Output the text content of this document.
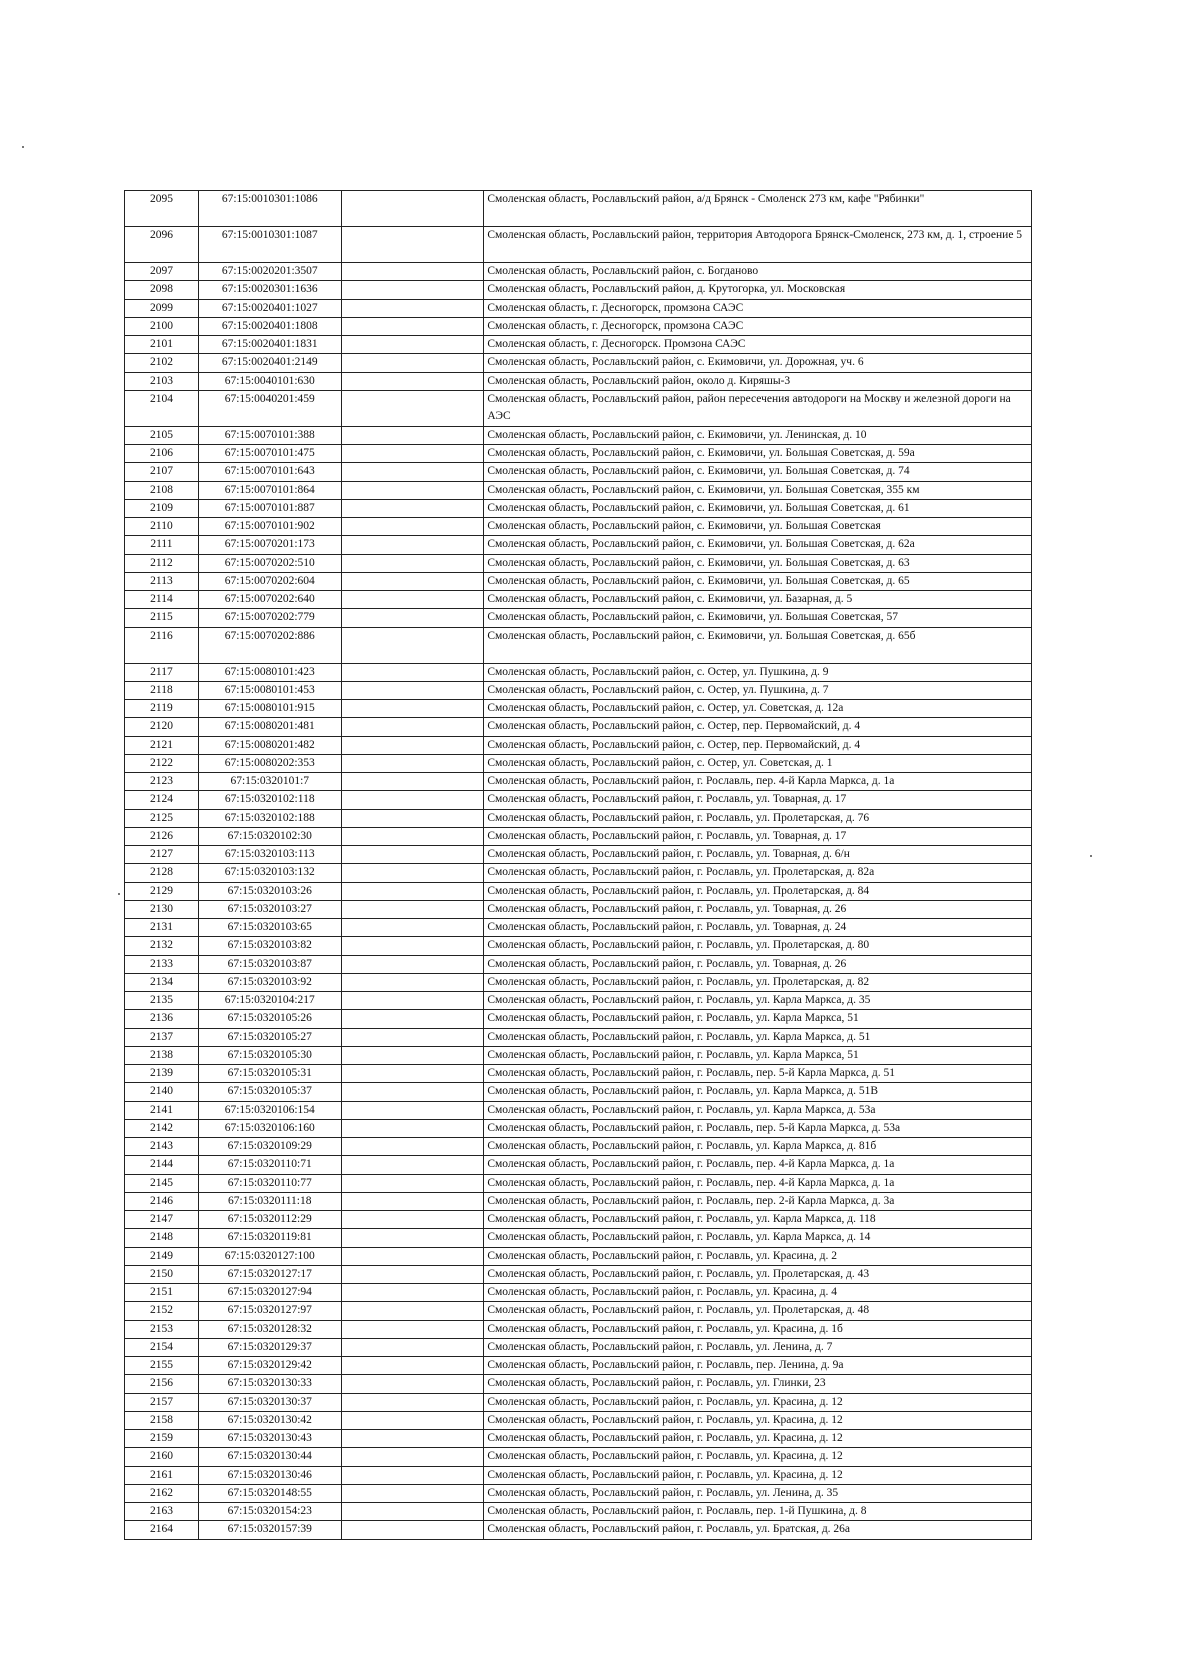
2095	67:15:0010301:1086		Смоленская область, Рославльский район, а/д Брянск - Смоленск 273 км, кафе "Рябинки"
2096	67:15:0010301:1087		Смоленская область, Рославльский район, территория Автодорога Брянск-Смоленск, 273 км, д. 1, строение 5
2097	67:15:0020201:3507		Смоленская область, Рославльский район, с. Богданово
2098	67:15:0020301:1636		Смоленская область, Рославльский район, д. Крутогорка, ул. Московская
2099	67:15:0020401:1027		Смоленская область, г. Десногорск, промзона САЭС
2100	67:15:0020401:1808		Смоленская область, г. Десногорск, промзона САЭС
2101	67:15:0020401:1831		Смоленская область, г. Десногорск. Промзона САЭС
2102	67:15:0020401:2149		Смоленская область, Рославльский район, с. Екимовичи, ул. Дорожная, уч. 6
2103	67:15:0040101:630		Смоленская область, Рославльский район, около д. Киряшы-3
2104	67:15:0040201:459		Смоленская область, Рославльский район, район пересечения автодороги на Москву и железной дороги на АЭС
2105	67:15:0070101:388		Смоленская область, Рославльский район, с. Екимовичи, ул. Ленинская, д. 10
2106	67:15:0070101:475		Смоленская область, Рославльский район, с. Екимовичи, ул. Большая Советская, д. 59а
2107	67:15:0070101:643		Смоленская область, Рославльский район, с. Екимовичи, ул. Большая Советская, д. 74
2108	67:15:0070101:864		Смоленская область, Рославльский район, с. Екимовичи, ул. Большая Советская, 355 км
2109	67:15:0070101:887		Смоленская область, Рославльский район, с. Екимовичи, ул. Большая Советская, д. 61
2110	67:15:0070101:902		Смоленская область, Рославльский район, с. Екимовичи, ул. Большая Советская
2111	67:15:0070201:173		Смоленская область, Рославльский район, с. Екимовичи, ул. Большая Советская, д. 62а
2112	67:15:0070202:510		Смоленская область, Рославльский район, с. Екимовичи, ул. Большая Советская, д. 63
2113	67:15:0070202:604		Смоленская область, Рославльский район, с. Екимовичи, ул. Большая Советская, д. 65
2114	67:15:0070202:640		Смоленская область, Рославльский район, с. Екимовичи, ул. Базарная, д. 5
2115	67:15:0070202:779		Смоленская область, Рославльский район, с. Екимовичи, ул. Большая Советская, 57
2116	67:15:0070202:886		Смоленская область, Рославльский район, с. Екимовичи, ул. Большая Советская, д. 65б
2117	67:15:0080101:423		Смоленская область, Рославльский район, с. Остер, ул. Пушкина, д. 9
2118	67:15:0080101:453		Смоленская область, Рославльский район, с. Остер, ул. Пушкина, д. 7
2119	67:15:0080101:915		Смоленская область, Рославльский район, с. Остер, ул. Советская, д. 12а
2120	67:15:0080201:481		Смоленская область, Рославльский район, с. Остер, пер. Первомайский, д. 4
2121	67:15:0080201:482		Смоленская область, Рославльский район, с. Остер, пер. Первомайский, д. 4
2122	67:15:0080202:353		Смоленская область, Рославльский район, с. Остер, ул. Советская, д. 1
2123	67:15:0320101:7		Смоленская область, Рославльский район, г. Рославль, пер. 4-й Карла Маркса, д. 1а
2124	67:15:0320102:118		Смоленская область, Рославльский район, г. Рославль, ул. Товарная, д. 17
2125	67:15:0320102:188		Смоленская область, Рославльский район, г. Рославль, ул. Пролетарская, д. 76
2126	67:15:0320102:30		Смоленская область, Рославльский район, г. Рославль, ул. Товарная, д. 17
2127	67:15:0320103:113		Смоленская область, Рославльский район, г. Рославль, ул. Товарная, д. 6/н
2128	67:15:0320103:132		Смоленская область, Рославльский район, г. Рославль, ул. Пролетарская, д. 82а
2129	67:15:0320103:26		Смоленская область, Рославльский район, г. Рославль, ул. Пролетарская, д. 84
2130	67:15:0320103:27		Смоленская область, Рославльский район, г. Рославль, ул. Товарная, д. 26
2131	67:15:0320103:65		Смоленская область, Рославльский район, г. Рославль, ул. Товарная, д. 24
2132	67:15:0320103:82		Смоленская область, Рославльский район, г. Рославль, ул. Пролетарская, д. 80
2133	67:15:0320103:87		Смоленская область, Рославльский район, г. Рославль, ул. Товарная, д. 26
2134	67:15:0320103:92		Смоленская область, Рославльский район, г. Рославль, ул. Пролетарская, д. 82
2135	67:15:0320104:217		Смоленская область, Рославльский район, г. Рославль, ул. Карла Маркса, д. 35
2136	67:15:0320105:26		Смоленская область, Рославльский район, г. Рославль, ул. Карла Маркса, 51
2137	67:15:0320105:27		Смоленская область, Рославльский район, г. Рославль, ул. Карла Маркса, д. 51
2138	67:15:0320105:30		Смоленская область, Рославльский район, г. Рославль, ул. Карла Маркса, 51
2139	67:15:0320105:31		Смоленская область, Рославльский район, г. Рославль, пер. 5-й Карла Маркса, д. 51
2140	67:15:0320105:37		Смоленская область, Рославльский район, г. Рославль, ул. Карла Маркса, д. 51В
2141	67:15:0320106:154		Смоленская область, Рославльский район, г. Рославль, ул. Карла Маркса, д. 53а
2142	67:15:0320106:160		Смоленская область, Рославльский район, г. Рославль, пер. 5-й Карла Маркса, д. 53а
2143	67:15:0320109:29		Смоленская область, Рославльский район, г. Рославль, ул. Карла Маркса, д. 81б
2144	67:15:0320110:71		Смоленская область, Рославльский район, г. Рославль, пер. 4-й Карла Маркса, д. 1а
2145	67:15:0320110:77		Смоленская область, Рославльский район, г. Рославль, пер. 4-й Карла Маркса, д. 1а
2146	67:15:0320111:18		Смоленская область, Рославльский район, г. Рославль, пер. 2-й Карла Маркса, д. 3а
2147	67:15:0320112:29		Смоленская область, Рославльский район, г. Рославль, ул. Карла Маркса, д. 118
2148	67:15:0320119:81		Смоленская область, Рославльский район, г. Рославль, ул. Карла Маркса, д. 14
2149	67:15:0320127:100		Смоленская область, Рославльский район, г. Рославль, ул. Красина, д. 2
2150	67:15:0320127:17		Смоленская область, Рославльский район, г. Рославль, ул. Пролетарская, д. 43
2151	67:15:0320127:94		Смоленская область, Рославльский район, г. Рославль, ул. Красина, д. 4
2152	67:15:0320127:97		Смоленская область, Рославльский район, г. Рославль, ул. Пролетарская, д. 48
2153	67:15:0320128:32		Смоленская область, Рославльский район, г. Рославль, ул. Красина, д. 1б
2154	67:15:0320129:37		Смоленская область, Рославльский район, г. Рославль, ул. Ленина, д. 7
2155	67:15:0320129:42		Смоленская область, Рославльский район, г. Рославль, пер. Ленина, д. 9а
2156	67:15:0320130:33		Смоленская область, Рославльский район, г. Рославль, ул. Глинки, 23
2157	67:15:0320130:37		Смоленская область, Рославльский район, г. Рославль, ул. Красина, д. 12
2158	67:15:0320130:42		Смоленская область, Рославльский район, г. Рославль, ул. Красина, д. 12
2159	67:15:0320130:43		Смоленская область, Рославльский район, г. Рославль, ул. Красина, д. 12
2160	67:15:0320130:44		Смоленская область, Рославльский район, г. Рославль, ул. Красина, д. 12
2161	67:15:0320130:46		Смоленская область, Рославльский район, г. Рославль, ул. Красина, д. 12
2162	67:15:0320148:55		Смоленская область, Рославльский район, г. Рославль, ул. Ленина, д. 35
2163	67:15:0320154:23		Смоленская область, Рославльский район, г. Рославль, пер. 1-й Пушкина, д. 8
2164	67:15:0320157:39		Смоленская область, Рославльский район, г. Рославль, ул. Братская, д. 26а
